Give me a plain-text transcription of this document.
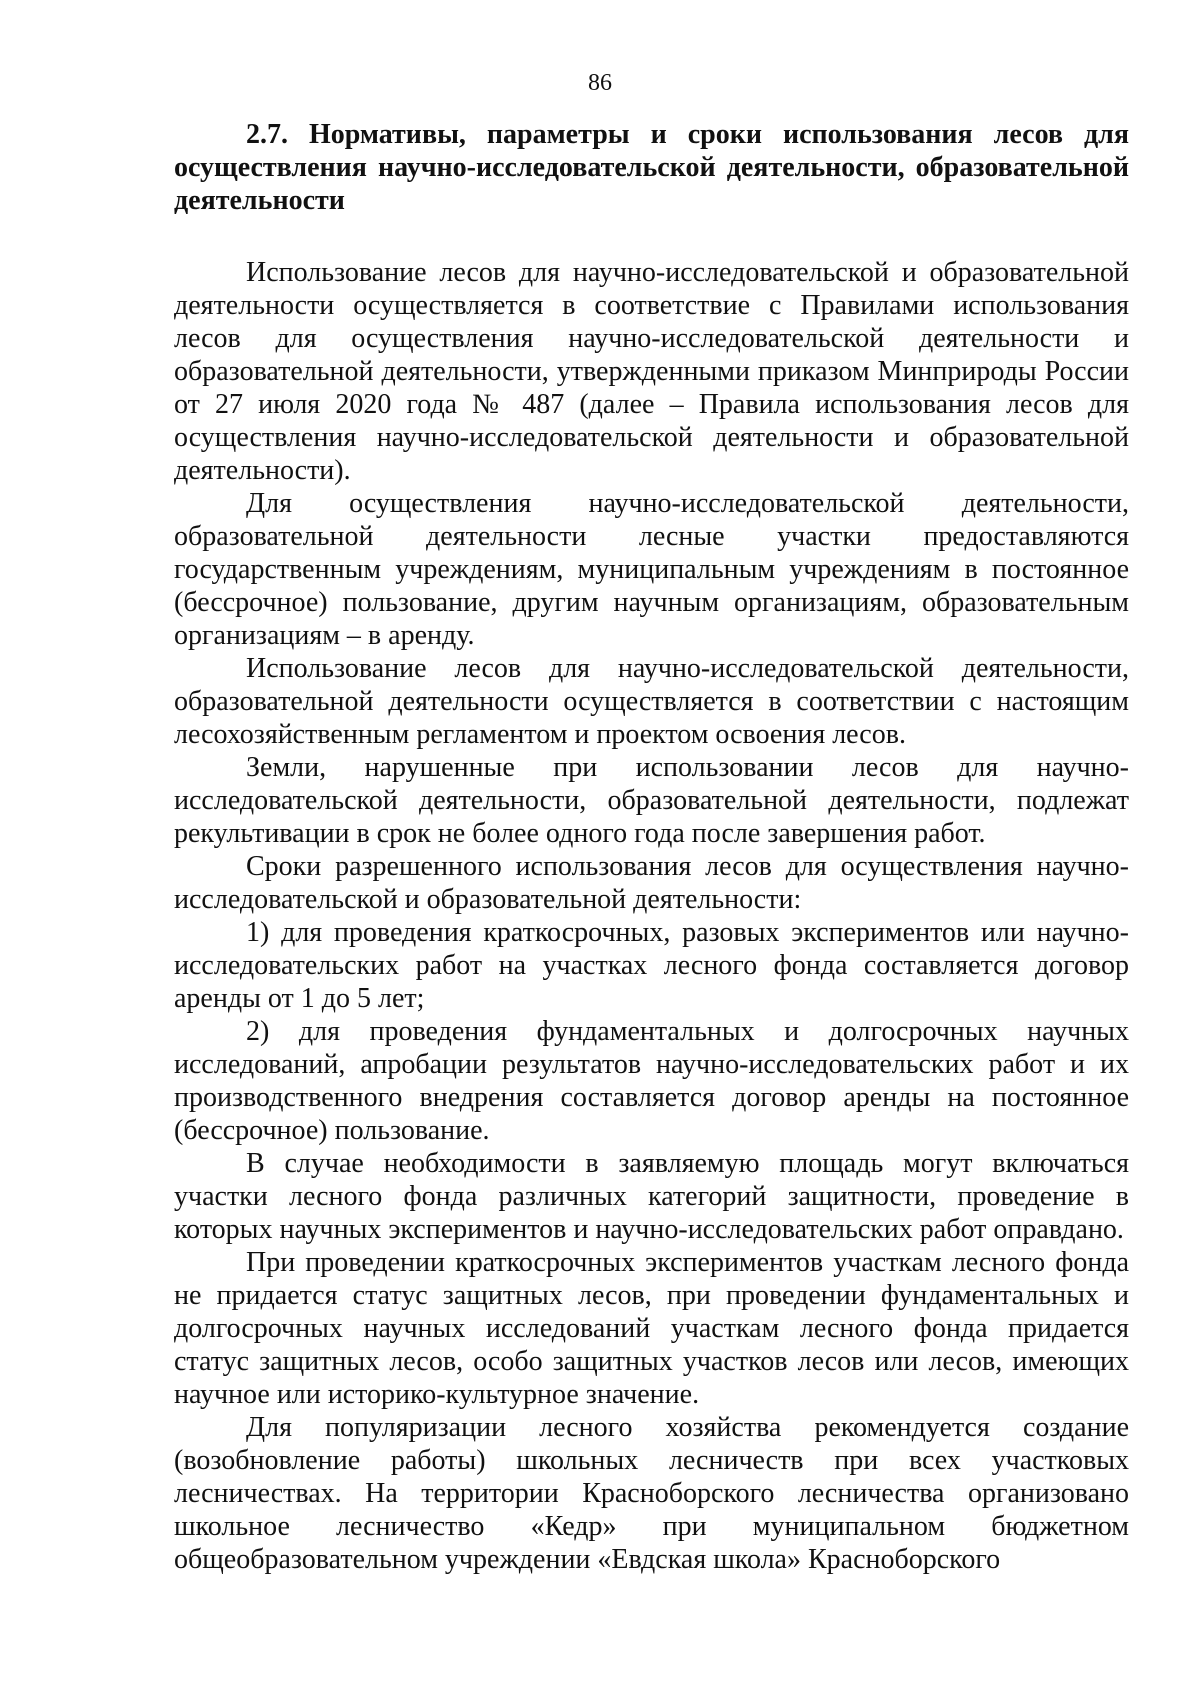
86
2.7. Нормативы, параметры и сроки использования лесов для осуществления научно-исследовательской деятельности, образовательной деятельности

Использование лесов для научно-исследовательской и образовательной деятельности осуществляется в соответствие с Правилами использования лесов для осуществления научно-исследовательской деятельности и образовательной деятельности, утвержденными приказом Минприроды России от 27 июля 2020 года № 487 (далее – Правила использования лесов для осуществления научно-исследовательской деятельности и образовательной деятельности).

Для осуществления научно-исследовательской деятельности, образовательной деятельности лесные участки предоставляются государственным учреждениям, муниципальным учреждениям в постоянное (бессрочное) пользование, другим научным организациям, образовательным организациям – в аренду.

Использование лесов для научно-исследовательской деятельности, образовательной деятельности осуществляется в соответствии с настоящим лесохозяйственным регламентом и проектом освоения лесов.

Земли, нарушенные при использовании лесов для научно-исследовательской деятельности, образовательной деятельности, подлежат рекультивации в срок не более одного года после завершения работ.

Сроки разрешенного использования лесов для осуществления научно-исследовательской и образовательной деятельности:

1) для проведения краткосрочных, разовых экспериментов или научно-исследовательских работ на участках лесного фонда составляется договор аренды от 1 до 5 лет;

2) для проведения фундаментальных и долгосрочных научных исследований, апробации результатов научно-исследовательских работ и их производственного внедрения составляется договор аренды на постоянное (бессрочное) пользование.

В случае необходимости в заявляемую площадь могут включаться участки лесного фонда различных категорий защитности, проведение в которых научных экспериментов и научно-исследовательских работ оправдано.

При проведении краткосрочных экспериментов участкам лесного фонда не придается статус защитных лесов, при проведении фундаментальных и долгосрочных научных исследований участкам лесного фонда придается статус защитных лесов, особо защитных участков лесов или лесов, имеющих научное или историко-культурное значение.

Для популяризации лесного хозяйства рекомендуется создание (возобновление работы) школьных лесничеств при всех участковых лесничествах. На территории Красноборского лесничества организовано школьное лесничество «Кедр» при муниципальном бюджетном общеобразовательном учреждении «Евдская школа» Красноборского
